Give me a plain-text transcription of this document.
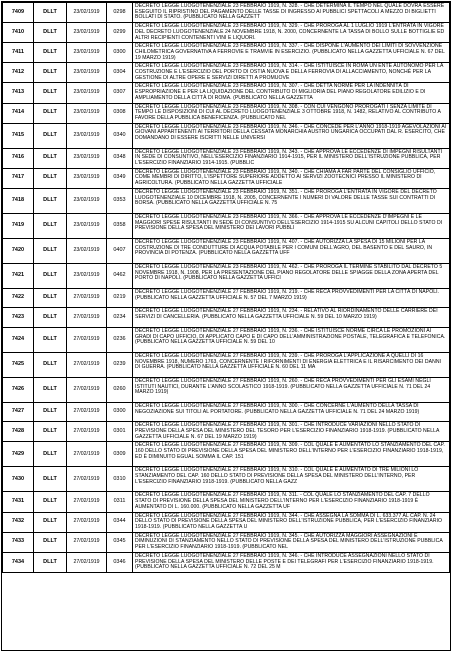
7409	DLLT	23/02/1919	0298	DECRETO LEGGE LUOGOTENENZIALE 23 FEBBRAIO 1919, N. 328. - CHE DETERMINA IL TEMPO NEL QUALE DOVRÀ ESSERE ESEGUITO IL RIPRISTINO DEL PAGAMENTO DELLE TASSE DI INGRESSO AI PUBBLICI SPETTACOLI A MEZZO DI BIGLIETTI BOLLATI DI STATO. (PUBBLICATO NELLA GAZZETT

7410	DLLT	23/02/1919	0299	DECRETO LEGGE LUOGOTENENZIALE 23 FEBBRAIO 1919, N. 329. - CHE PROROGA AL 1 LUGLIO 1919 L'ENTRATA IN VIGORE DEL DECRETO LUOGOTENENZIALE 24 NOVEMBRE 1918, N. 2000, CONCERNENTE LA TASSA DI BOLLO SULLE BOTTIGLIE ED ALTRI RECIPIENTI CONTENENTI VINI E LIQUORI.

7411	DLLT	23/02/1919	0300	DECRETO LEGGE LUOGOTENENZIALE 23 FEBBRAIO 1919, N. 337. - CHE DISPONE L'AUMENTO DEI LIMITI DI SOVVENZIONE CHILOMETRICA GOVERNATIVA A FERROVIE E TRAMVIE IN ESERCIZIO. (PUBBLICATO NELLA GAZZETTA UFFICIALE N. 67 DEL 19 MARZO 1919)

7412	DLLT	23/02/1919	0304	DECRETO LEGGE LUOGOTENENZIALE 23 FEBBRAIO 1919, N. 314. - CHE ISTITUISCE IN ROMA UN ENTE AUTONOMO PER LA COSTRUZIONE E L'ESERCIZIO DEL PORTO DI OSTIA NUOVA E DELLA FERROVIA DI ALLACCIAMENTO, NONCHÉ PER LA GESTIONE DI ALTRE OPERE E SERVIZI DIRETTI A PROMUOVE

7413	DLLT	23/02/1919	0307	DECRETO LEGGE LUOGOTENENZIALE 23 FEBBRAIO 1919, N. 307. - CHE DETTA NORME PER LA INDENNITÀ DI ESPROPRIAZIONE E PER LA LIQUIDAZIONE DEL CONTRIBUTO DI MIGLIORIA DEL PIANO REGOLATORE EDILIZIO E DI AMPLIAMENTO DELLA CITTÀ DI ROMA. (PUBBLICATO NELLA GAZZETTA

7414	DLLT	23/02/1919	0308	DECRETO LEGGE LUOGOTENENZIALE 23 FEBBRAIO 1919, N. 308. - CON CUI VENGONO PROROGATI I SENZA LIMITE DI TEMPO LE DISPOSIZIONI DI CUI AL DECRETO LUOGOTENENZIALE 3 OTTOBRE 1918, N. 1482, RELATIVO AL CONTRIBUTO A FAVORE DELLA PUBBLICA BENEFICENZA. (PUBBLICATO NEL

7415	DLLT	23/02/1919	0340	DECRETO LEGGE LUOGOTENENZIALE 23 FEBBRAIO 1919, N. 346. - CHE CONCEDE PER L'ANNO 1918-1919 AGEVOLAZIONI AI GIOVANI APPARTENENTI AI TERRITORI DELLA CESSATA MONARCHIA AUSTRO UNGARICA OCCUPATI DAL R. ESERCITO, CHE DOMANDANO DI ESSERE ISCRITTI NELLE UNIVERSI

7416	DLLT	23/02/1919	0348	DECRETO LEGGE LUOGOTENENZIALE 23 FEBBRAIO 1919, N. 343. - CHE APPROVA LE ECCEDENZE DI IMPEGNI RISULTANTI IN SEDE DI CONSUNTIVO, NELL'ESERCIZIO FINANZIARIO 1914-1915, PER IL MINISTERO DELL'ISTRUZIONE PUBBLICA, PER L'ESERCIZIO FINANZIARIO 1914-1915. (PUBBLIC

7417	DLLT	23/02/1919	0349	DECRETO LEGGE LUOGOTENENZIALE 23 FEBBRAIO 1919, N. 340. - CHE CHIAMA A FAR PARTE DEL CONSIGLIO UFFICIO, COME MEMBRI DI DIRITTO, L'ISPETTORE SUPERIORE ADDETTO AI SERVIZI ZOOTECNICI PRESSO IL MINISTERO DI AGRICOLTURA. (PUBBLICATO NELLA GAZZETTA UFFICIALE

7418	DLLT	23/02/1919	0353	DECRETO LEGGE LUOGOTENENZIALE 23 FEBBRAIO 1919, N. 351. - CHE PROROGA L'ENTRATA IN VIGORE DEL DECRETO LUOGOTENENZIALE 10 DICEMBRE 1918, N. 2005, CONCERNENTE I NUMERI DI VALORE DELLE TASSE SUI CONTRATTI DI BORSA. (PUBBLICATO NELLA GAZZETTA UFFICIALE N. 75

7419	DLLT	23/02/1919	0358	DECRETO LEGGE LUOGOTENENZIALE 23 FEBBRAIO 1919, N. 366. - CHE APPROVA LE ECCEDENZE D'IMPEGNI E LE MAGGIORI SPESE RISULTANTI IN SEDE DI CONSUNTIVO DELL'ESERCIZIO 1914-1915 SU ALCUNI CAPITOLI DELLO STATO DI PREVISIONE DELLA SPESA DEL MINISTERO DEI LAVORI PUBBLI

7420	DLLT	23/02/1919	0407	DECRETO LEGGE LUOGOTENENZIALE 23 FEBBRAIO 1919, N. 407. - CHE AUTORIZZA LA SPESA DI 15 MILIONI PER LA COSTRUZIONE DI TRE CONDUTTURE DI ACQUA POTABILE PER I COMUNI DELL'AGRO, DEL BASENTO E DEL SAURO, IN PROVINCIA DI POTENZA. (PUBBLICATO NELLA GAZZETTA UFF

7421	DLLT	23/02/1919	0462	DECRETO LEGGE LUOGOTENENZIALE 23 FEBBRAIO 1919, N. 462. - CHE PROROGA IL TERMINE STABILITO DAL DECRETO 5 NOVEMBRE 1918, N. 1908, PER LA PRESENTAZIONE DEL PIANO REGOLATORE DELLE SPIAGGE DELLA ZONA APERTA DEL PORTO DI NAPOLI. (PUBBLICATO NELLA GAZZETTA UFFICI

7422	DLLT	27/02/1919	0219	DECRETO LEGGE LUOGOTENENZIALE 27 FEBBRAIO 1919, N. 219. - CHE RECA PROVVEDIMENTI PER LA CITTÀ DI NAPOLI. (PUBBLICATO NELLA GAZZETTA UFFICIALE N. 57 DEL 7 MARZO 1919)

7423	DLLT	27/02/1919	0234	DECRETO LEGGE LUOGOTENENZIALE 27 FEBBRAIO 1919, N. 234. - RELATIVO AL RIORDINAMENTO DELLE CARRIERE DEI SERVIZI DI CANCELLERIA. (PUBBLICATO NELLA GAZZETTA UFFICIALE N. 59 DEL 10 MARZO 1919)

7424	DLLT	27/02/1919	0236	DECRETO LEGGE LUOGOTENENZIALE 27 FEBBRAIO 1919, N. 236. - CHE ISTITUISCE NORME CIRCA LE PROMOZIONI AI GRADI DI CAPO UFFICIO, DI APPLICATO CAPO E DI CAPO DELL'AMMINISTRAZIONE POSTALE, TELEGRAFICA E TELEFONICA. (PUBBLICATO NELLA GAZZETTA UFFICIALE N. 59 DEL 10

7425	DLLT	27/02/1919	0239	DECRETO LEGGE LUOGOTENENZIALE 27 FEBBRAIO 1919, N. 239. - CHE PROROGA L'APPLICAZIONE A QUELLI DI 16 NOVEMBRE 1918, NUMERO 1763, CONCERNENTE I RIFORNIMENTI DI ENERGIA ELETTRICA E IL RISARCIMENTO DEI DANNI DI GUERRA. (PUBBLICATO NELLA GAZZETTA UFFICIALE N. 60 DEL 11 MA

7426	DLLT	27/02/1919	0260	DECRETO LEGGE LUOGOTENENZIALE 27 FEBBRAIO 1919, N. 260. - CHE RECA PROVVEDIMENTI PER GLI ESAMI NEGLI ISTITUTI NAUTICI, DURANTE L'ANNO SCOLASTICO 1918-1919. (PUBBLICATO NELLA GAZZETTA UFFICIALE N. 71 DEL 24 MARZO 1919)

7427	DLLT	27/02/1919	0300	DECRETO LEGGE LUOGOTENENZIALE 27 FEBBRAIO 1919, N. 300. - CHE CONCERNE L'AUMENTO DELLA TASSA DI NEGOZIAZIONE SUI TITOLI AL PORTATORE. (PUBBLICATO NELLA GAZZETTA UFFICIALE N. 71 DEL 24 MARZO 1919)

7428	DLLT	27/02/1919	0301	DECRETO LEGGE LUOGOTENENZIALE 27 FEBBRAIO 1919, N. 301. - CHE INTRODUCE VARIAZIONI NELLO STATO DI PREVISIONE DELLA SPESA DEL MINISTERO DEL TESORO PER L'ESERCIZIO FINANZIARIO 1918-1919. (PUBBLICATO NELLA GAZZETTA UFFICIALE N. 67 DEL 19 MARZO 1919)

7429	DLLT	27/02/1919	0309	DECRETO LEGGE LUOGOTENENZIALE 27 FEBBRAIO 1919, N. 309. - COL QUALE È AUMENTATO LO STANZIAMENTO DEL CAP. 160 DELLO STATO DI PREVISIONE DELLA SPESA DEL MINISTERO DELL'INTERNO PER L'ESERCIZIO FINANZIARIO 1918-1919, ED È DIMINUITO EGUAL SOMMA IL CAP. 151

7430	DLLT	27/02/1919	0310	DECRETO LEGGE LUOGOTENENZIALE 27 FEBBRAIO 1919, N. 310. - COL QUALE È AUMENTATO DI TRE MILIONI LO STANZIAMENTO DEL CAP. 160 DELLO STATO DI PREVISIONE DELLA SPESA DEL MINISTERO DELL'INTERNO, PER L'ESERCIZIO FINANZIARIO 1918-1919. (PUBBLICATO NELLA GAZZ

7431	DLLT	27/02/1919	0311	DECRETO LEGGE LUOGOTENENZIALE 27 FEBBRAIO 1919, N. 311. - COL QUALE LO STANZIAMENTO DEL CAP. 7 DELLO STATO DI PREVISIONE DELLA SPESA DEL MINISTERO DELL'INTERNO PER L'ESERCIZIO FINANZIARIO 1918-1919 È AUMENTATO DI L. 160.000. (PUBBLICATO NELLA GAZZETTA UF

7432	DLLT	27/02/1919	0344	DECRETO LEGGE LUOGOTENENZIALE 27 FEBBRAIO 1919, N. 344. - CHE ASSEGNA LA SOMMA DI L. 633.377 AL CAP. N. 24 DELLO STATO DI PREVISIONE DELLA SPESA DEL MINISTERO DELL'ISTRUZIONE PUBBLICA, PER L'ESERCIZIO FINANZIARIO 1918-1919. (PUBBLICATO NELLA GAZZETTA U

7433	DLLT	27/02/1919	0345	DECRETO LEGGE LUOGOTENENZIALE 27 FEBBRAIO 1919, N. 345. - CHE AUTORIZZA MAGGIORI ASSEGNAZIONI E DIMINUZIONI DI STANZIAMENTO NELLO STATO DI PREVISIONE DELLA SPESA DEL MINISTERO DELL'ISTRUZIONE PUBBLICA PER L'ESERCIZIO FINANZIARIO 1918-1919. (PUBBLICATO NEL

7434	DLLT	27/02/1919	0346	DECRETO LEGGE LUOGOTENENZIALE 27 FEBBRAIO 1919, N. 346. - CHE INTRODUCE ASSEGNAZIONI NELLO STATO DI PREVISIONE DELLA SPESA DEL MINISTERO DELLE POSTE E DEI TELEGRAFI PER L'ESERCIZIO FINANZIARIO 1918-1919. (PUBBLICATO NELLA GAZZETTA UFFICIALE N. 72 DEL 25 M
